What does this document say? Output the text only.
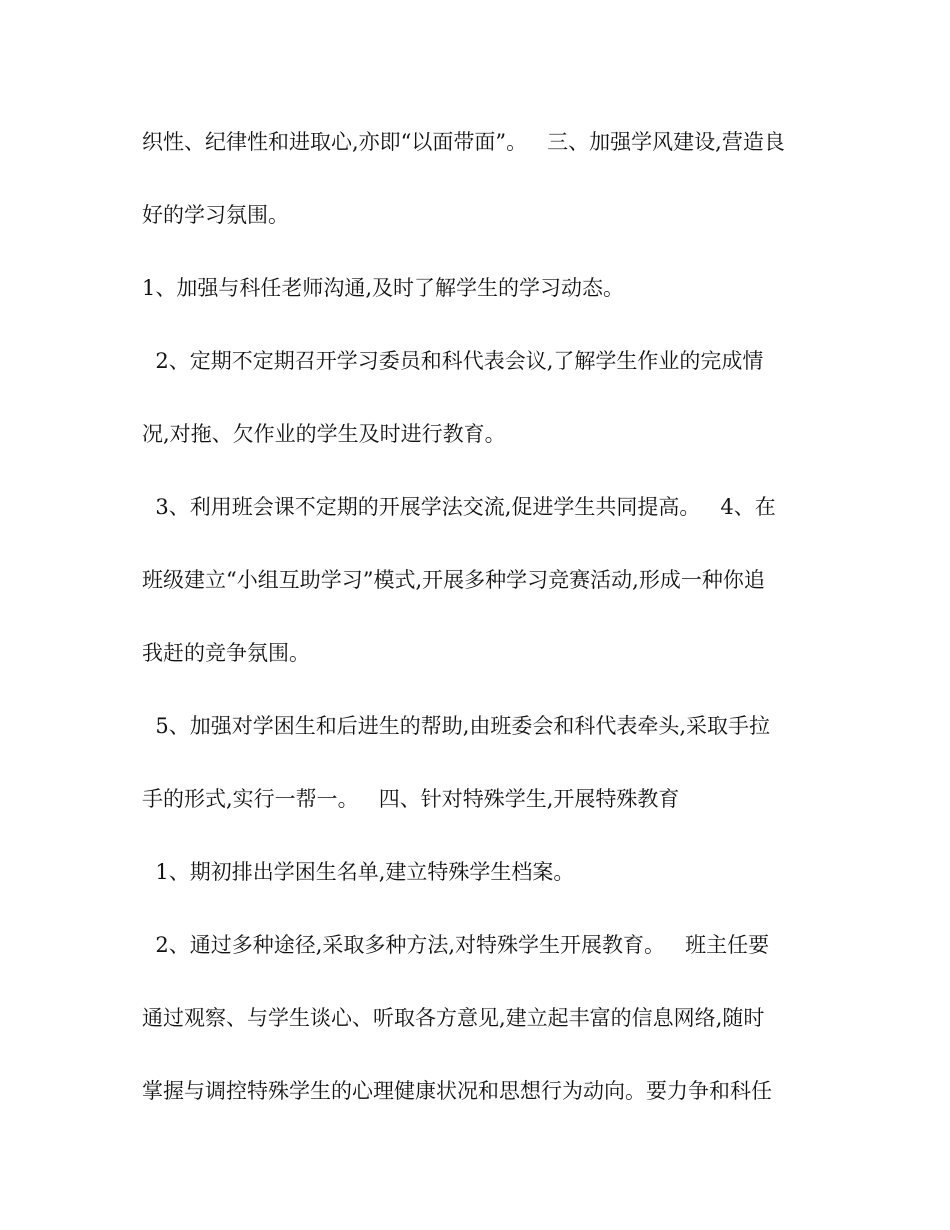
织性、纪律性和进取心,亦即“以面带面”。   三、加强学风建设,营造良
好的学习氛围。
1、加强与科任老师沟通,及时了解学生的学习动态。
2、定期不定期召开学习委员和科代表会议,了解学生作业的完成情
况,对拖、欠作业的学生及时进行教育。
3、利用班会课不定期的开展学法交流,促进学生共同提高。   4、在
班级建立“小组互助学习”模式,开展多种学习竞赛活动,形成一种你追
我赶的竞争氛围。
5、加强对学困生和后进生的帮助,由班委会和科代表牵头,采取手拉
手的形式,实行一帮一。   四、针对特殊学生,开展特殊教育
1、期初排出学困生名单,建立特殊学生档案。
2、通过多种途径,采取多种方法,对特殊学生开展教育。   班主任要
通过观察、与学生谈心、听取各方意见,建立起丰富的信息网络,随时
掌握与调控特殊学生的心理健康状况和思想行为动向。要力争和科任
